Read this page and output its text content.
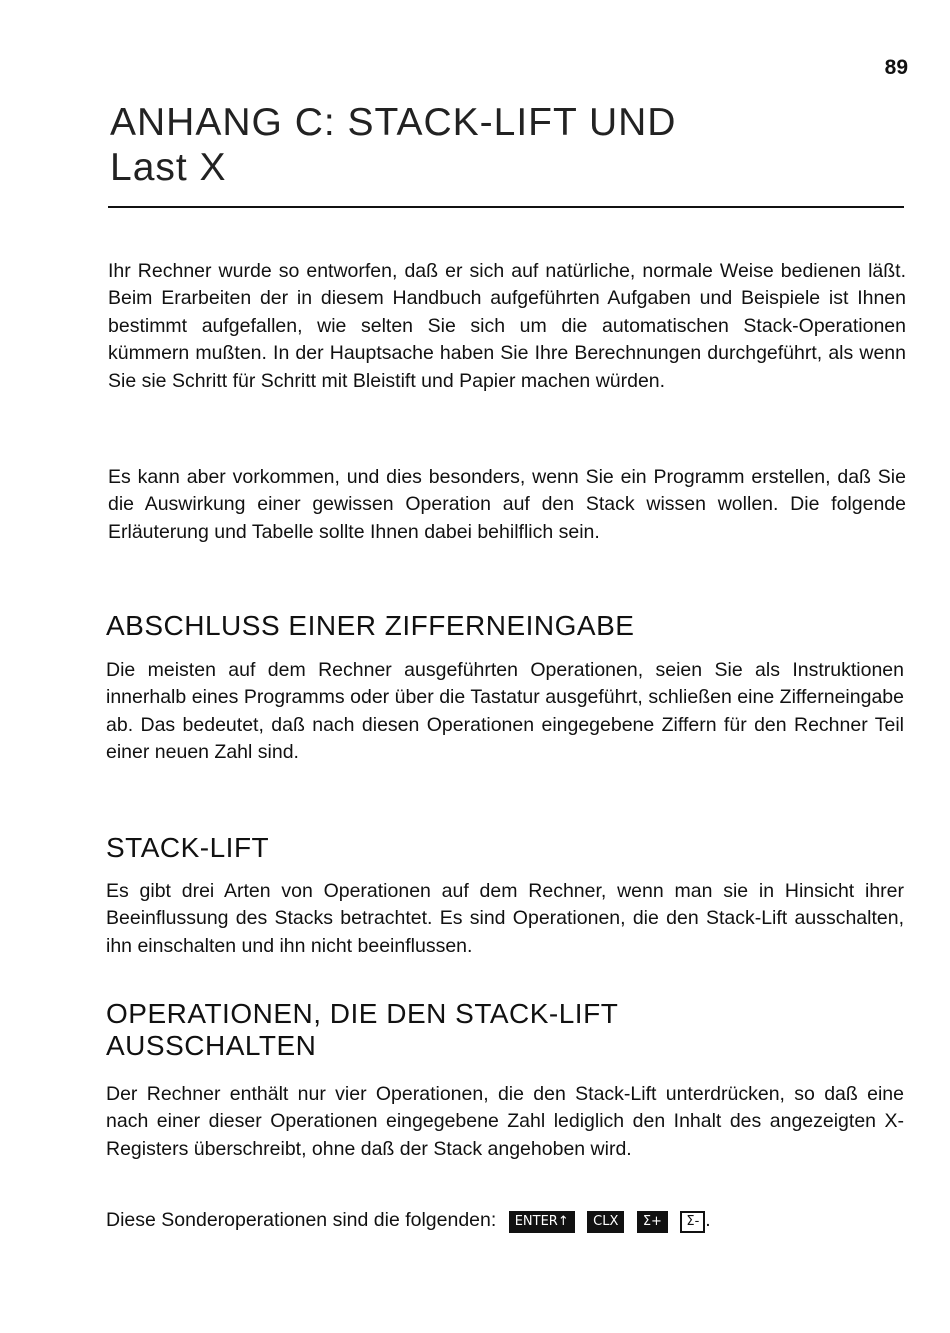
89
ANHANG C: STACK-LIFT UND
Last X

Ihr Rechner wurde so entworfen, daß er sich auf natürliche, normale Weise bedienen läßt. Beim Erarbeiten der in diesem Handbuch aufgeführten Aufgaben und Beispiele ist Ihnen bestimmt aufgefallen, wie selten Sie sich um die automatischen Stack-Operationen kümmern mußten. In der Hauptsache haben Sie Ihre Berechnungen durchgeführt, als wenn Sie sie Schritt für Schritt mit Bleistift und Papier machen würden.

Es kann aber vorkommen, und dies besonders, wenn Sie ein Programm erstellen, daß Sie die Auswirkung einer gewissen Operation auf den Stack wissen wollen. Die folgende Erläuterung und Tabelle sollte Ihnen dabei behilflich sein.

ABSCHLUSS EINER ZIFFERNEINGABE

Die meisten auf dem Rechner ausgeführten Operationen, seien Sie als Instruktionen innerhalb eines Programms oder über die Tastatur ausgeführt, schließen eine Zifferneingabe ab. Das bedeutet, daß nach diesen Operationen eingegebene Ziffern für den Rechner Teil einer neuen Zahl sind.

STACK-LIFT

Es gibt drei Arten von Operationen auf dem Rechner, wenn man sie in Hinsicht ihrer Beeinflussung des Stacks betrachtet. Es sind Operationen, die den Stack-Lift ausschalten, ihn einschalten und ihn nicht beeinflussen.

OPERATIONEN, DIE DEN STACK-LIFT
AUSSCHALTEN

Der Rechner enthält nur vier Operationen, die den Stack-Lift unterdrücken, so daß eine nach einer dieser Operationen eingegebene Zahl lediglich den Inhalt des angezeigten X-Registers überschreibt, ohne daß der Stack angehoben wird.

Diese Sonderoperationen sind die folgenden: ENTER↑ CLX Σ+ Σ- .
